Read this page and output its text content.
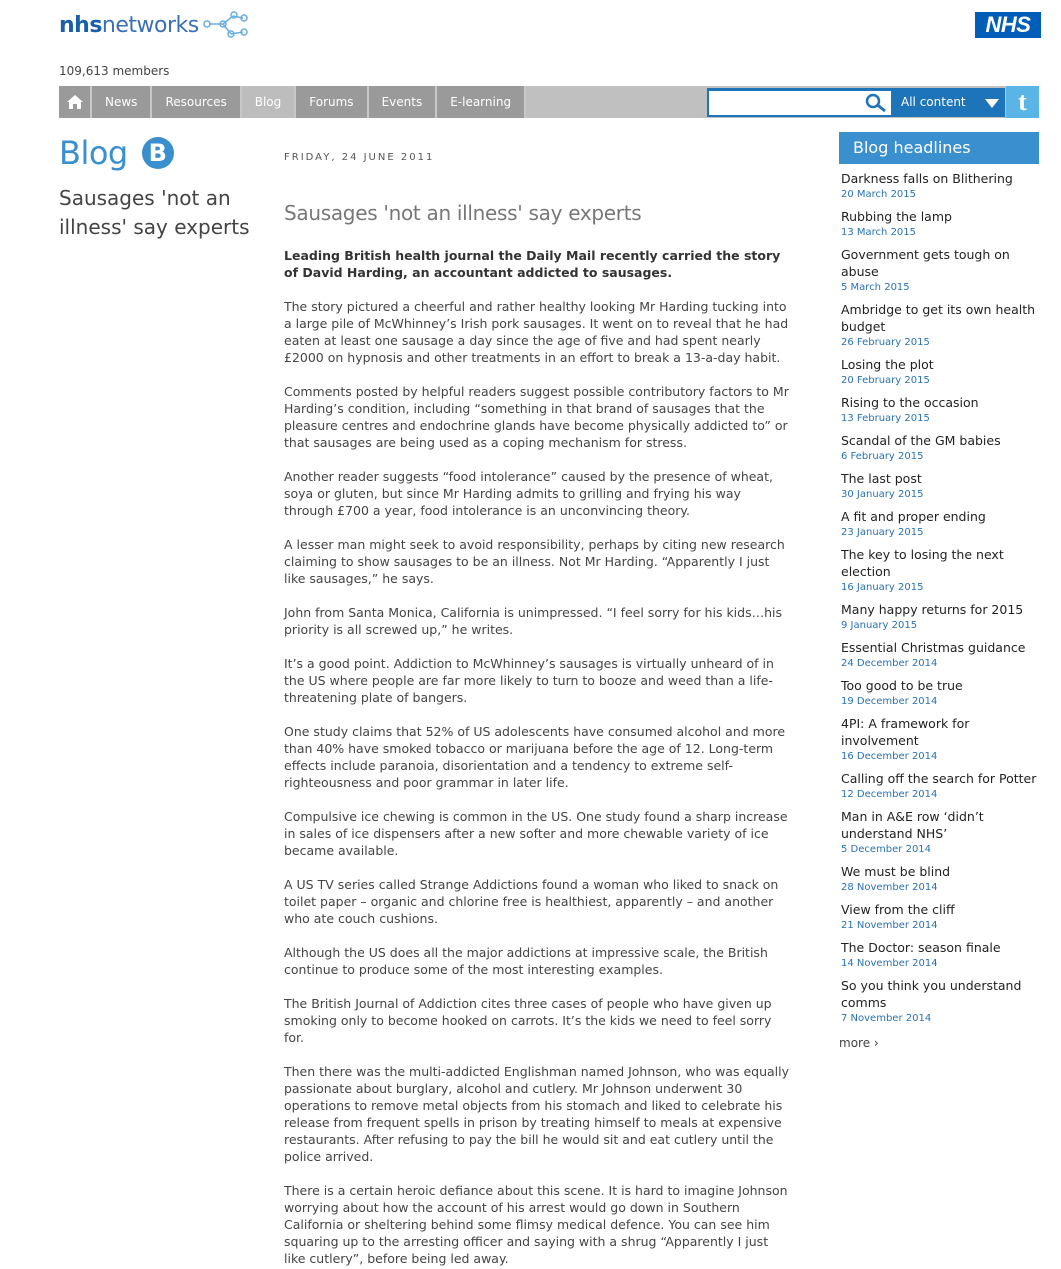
nhsnetworks	NHS
109,613 members
News	Resources	Blog	Forums	Events	E-learning	All content	t
Blog B
Sausages 'not an illness' say experts
FRIDAY, 24 JUNE 2011
Sausages 'not an illness' say experts

Leading British health journal the Daily Mail recently carried the story of David Harding, an accountant addicted to sausages.

The story pictured a cheerful and rather healthy looking Mr Harding tucking into a large pile of McWhinney’s Irish pork sausages. It went on to reveal that he had eaten at least one sausage a day since the age of five and had spent nearly £2000 on hypnosis and other treatments in an effort to break a 13-a-day habit.

Comments posted by helpful readers suggest possible contributory factors to Mr Harding’s condition, including “something in that brand of sausages that the pleasure centres and endochrine glands have become physically addicted to” or that sausages are being used as a coping mechanism for stress.

Another reader suggests “food intolerance” caused by the presence of wheat, soya or gluten, but since Mr Harding admits to grilling and frying his way through £700 a year, food intolerance is an unconvincing theory.

A lesser man might seek to avoid responsibility, perhaps by citing new research claiming to show sausages to be an illness. Not Mr Harding. “Apparently I just like sausages,” he says.

John from Santa Monica, California is unimpressed. “I feel sorry for his kids…his priority is all screwed up,” he writes.

It’s a good point. Addiction to McWhinney’s sausages is virtually unheard of in the US where people are far more likely to turn to booze and weed than a life-threatening plate of bangers.

One study claims that 52% of US adolescents have consumed alcohol and more than 40% have smoked tobacco or marijuana before the age of 12. Long-term effects include paranoia, disorientation and a tendency to extreme self-righteousness and poor grammar in later life.

Compulsive ice chewing is common in the US. One study found a sharp increase in sales of ice dispensers after a new softer and more chewable variety of ice became available.

A US TV series called Strange Addictions found a woman who liked to snack on toilet paper – organic and chlorine free is healthiest, apparently – and another who ate couch cushions.

Although the US does all the major addictions at impressive scale, the British continue to produce some of the most interesting examples.

The British Journal of Addiction cites three cases of people who have given up smoking only to become hooked on carrots. It’s the kids we need to feel sorry for.

Then there was the multi-addicted Englishman named Johnson, who was equally passionate about burglary, alcohol and cutlery. Mr Johnson underwent 30 operations to remove metal objects from his stomach and liked to celebrate his release from frequent spells in prison by treating himself to meals at expensive restaurants. After refusing to pay the bill he would sit and eat cutlery until the police arrived.

There is a certain heroic defiance about this scene. It is hard to imagine Johnson worrying about how the account of his arrest would go down in Southern California or sheltering behind some flimsy medical defence. You can see him squaring up to the arresting officer and saying with a shrug “Apparently I just like cutlery”, before being led away.

Blog headlines
Darkness falls on Blithering
20 March 2015
Rubbing the lamp
13 March 2015
Government gets tough on abuse
5 March 2015
Ambridge to get its own health budget
26 February 2015
Losing the plot
20 February 2015
Rising to the occasion
13 February 2015
Scandal of the GM babies
6 February 2015
The last post
30 January 2015
A fit and proper ending
23 January 2015
The key to losing the next election
16 January 2015
Many happy returns for 2015
9 January 2015
Essential Christmas guidance
24 December 2014
Too good to be true
19 December 2014
4PI: A framework for involvement
16 December 2014
Calling off the search for Potter
12 December 2014
Man in A&E row ‘didn’t understand NHS’
5 December 2014
We must be blind
28 November 2014
View from the cliff
21 November 2014
The Doctor: season finale
14 November 2014
So you think you understand comms
7 November 2014
more ›
